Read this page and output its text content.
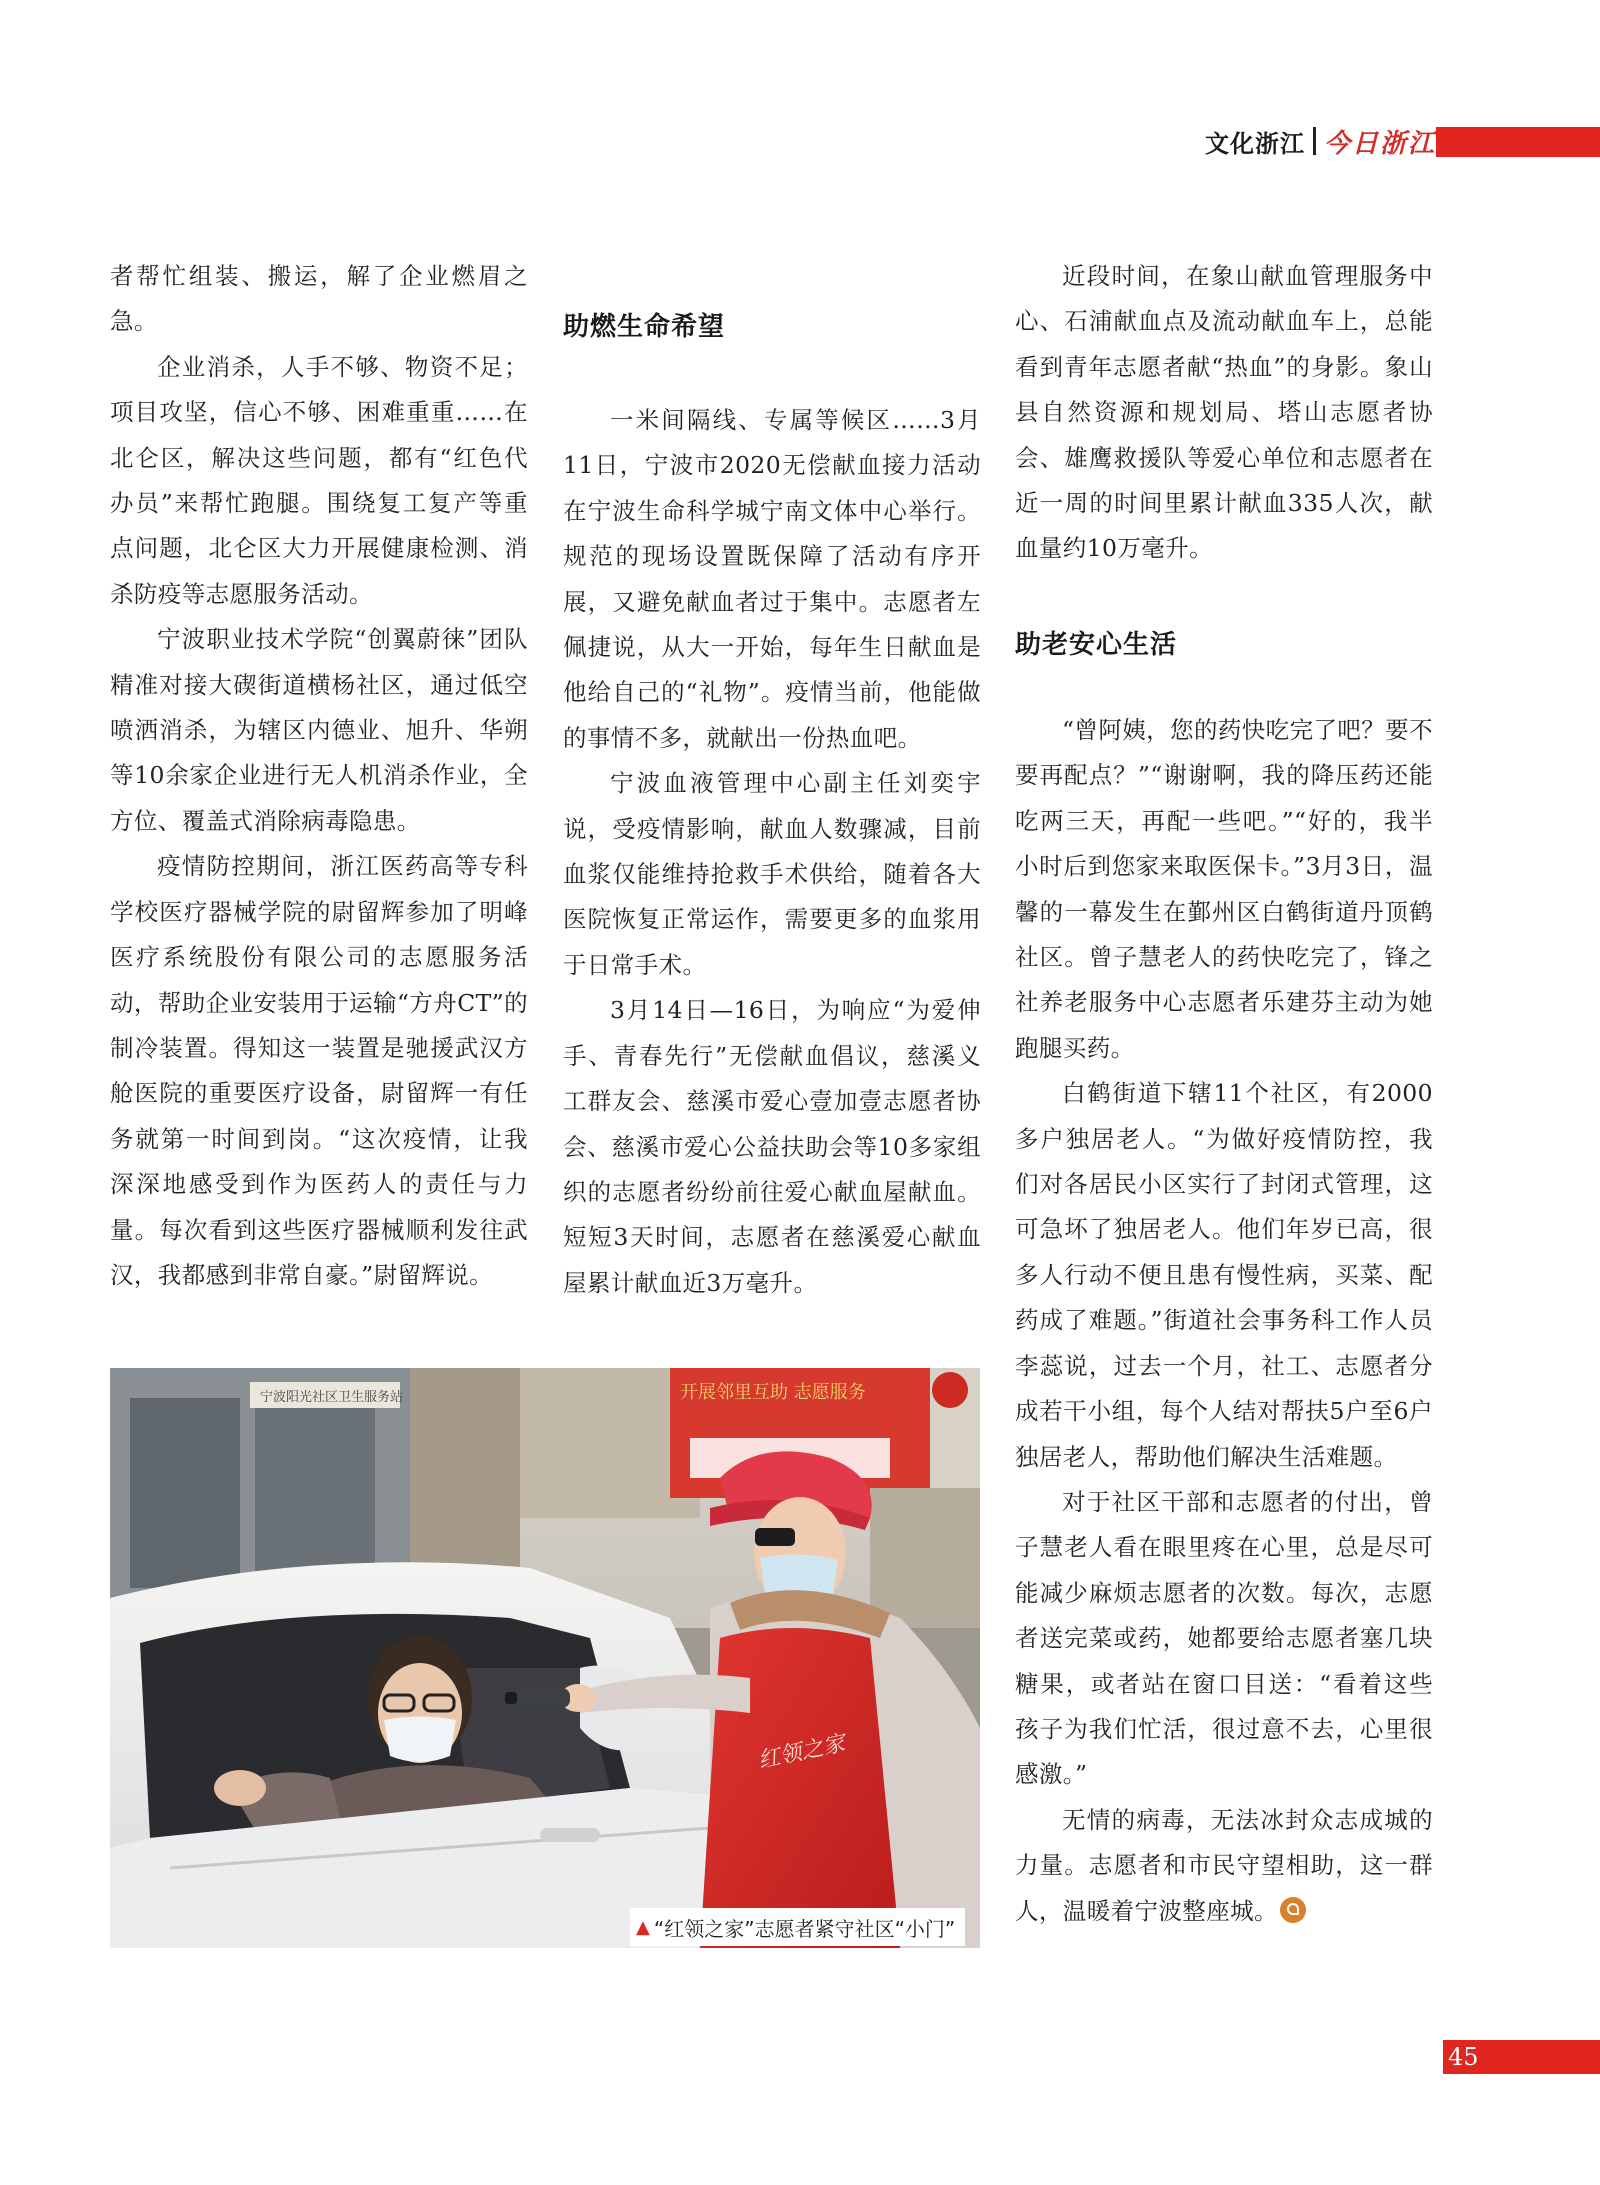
文化浙江 今日浙江

者帮忙组装、搬运，解了企业燃眉之急。

企业消杀，人手不够、物资不足；项目攻坚，信心不够、困难重重……在北仑区，解决这些问题，都有“红色代办员”来帮忙跑腿。围绕复工复产等重点问题，北仑区大力开展健康检测、消杀防疫等志愿服务活动。

宁波职业技术学院“创翼蔚徕”团队精准对接大碶街道横杨社区，通过低空喷洒消杀，为辖区内德业、旭升、华朔等10余家企业进行无人机消杀作业，全方位、覆盖式消除病毒隐患。

疫情防控期间，浙江医药高等专科学校医疗器械学院的尉留辉参加了明峰医疗系统股份有限公司的志愿服务活动，帮助企业安装用于运输“方舟CT”的制冷装置。得知这一装置是驰援武汉方舱医院的重要医疗设备，尉留辉一有任务就第一时间到岗。“这次疫情，让我深深地感受到作为医药人的责任与力量。每次看到这些医疗器械顺利发往武汉，我都感到非常自豪。”尉留辉说。

助燃生命希望

一米间隔线、专属等候区……3月11日，宁波市2020无偿献血接力活动在宁波生命科学城宁南文体中心举行。规范的现场设置既保障了活动有序开展，又避免献血者过于集中。志愿者左佩捷说，从大一开始，每年生日献血是他给自己的“礼物”。疫情当前，他能做的事情不多，就献出一份热血吧。

宁波血液管理中心副主任刘奕宇说，受疫情影响，献血人数骤减，目前血浆仅能维持抢救手术供给，随着各大医院恢复正常运作，需要更多的血浆用于日常手术。

3月14日—16日，为响应“为爱伸手、青春先行”无偿献血倡议，慈溪义工群友会、慈溪市爱心壹加壹志愿者协会、慈溪市爱心公益扶助会等10多家组织的志愿者纷纷前往爱心献血屋献血。短短3天时间，志愿者在慈溪爱心献血屋累计献血近3万毫升。

近段时间，在象山献血管理服务中心、石浦献血点及流动献血车上，总能看到青年志愿者献“热血”的身影。象山县自然资源和规划局、塔山志愿者协会、雄鹰救援队等爱心单位和志愿者在近一周的时间里累计献血335人次，献血量约10万毫升。

助老安心生活

“曾阿姨，您的药快吃完了吧？要不要再配点？”“谢谢啊，我的降压药还能吃两三天，再配一些吧。”“好的，我半小时后到您家来取医保卡。”3月3日，温馨的一幕发生在鄞州区白鹤街道丹顶鹤社区。曾子慧老人的药快吃完了，锋之社养老服务中心志愿者乐建芬主动为她跑腿买药。

白鹤街道下辖11个社区，有2000多户独居老人。“为做好疫情防控，我们对各居民小区实行了封闭式管理，这可急坏了独居老人。他们年岁已高，很多人行动不便且患有慢性病，买菜、配药成了难题。”街道社会事务科工作人员李蕊说，过去一个月，社工、志愿者分成若干小组，每个人结对帮扶5户至6户独居老人，帮助他们解决生活难题。

对于社区干部和志愿者的付出，曾子慧老人看在眼里疼在心里，总是尽可能减少麻烦志愿者的次数。每次，志愿者送完菜或药，她都要给志愿者塞几块糖果，或者站在窗口目送：“看着这些孩子为我们忙活，很过意不去，心里很感激。”

无情的病毒，无法冰封众志成城的力量。志愿者和市民守望相助，这一群人，温暖着宁波整座城。

宁波阳光社区卫生服务站	开展邻里互助 志愿服务
红领之家
▲ “红领之家”志愿者紧守社区“小门”
45
